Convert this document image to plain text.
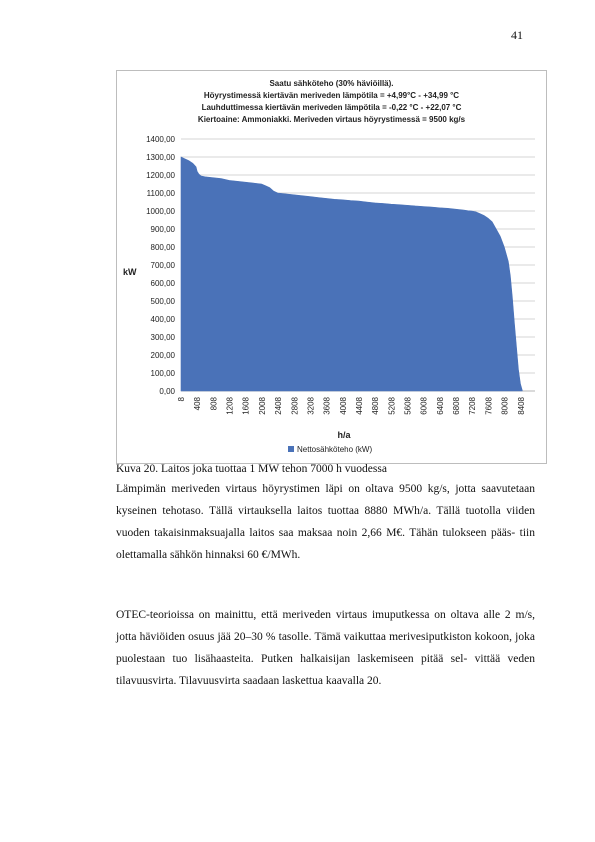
41
0,00
100,00
200,00
300,00
400,00
500,00
600,00
700,00
800,00
900,00
1000,00
1100,00
1200,00
1300,00
1400,00
8 408 808 1208 1608 2008 2408 2808 3208 3608 4008 4408 4808 5208 5608 6008 6408 6808 7208 7608 8008 8408
kW
h/a
Nettosähköteho (kW)
Saatu sähköteho (30% häviöillä).
Höyrystimessä kiertävän meriveden lämpötila = +4,99°C - +34,99 °C
Lauhduttimessa kiertävän meriveden lämpötila = -0,22 °C - +22,07 °C
Kiertoaine: Ammoniakki. Meriveden virtaus höyrystimessä = 9500 kg/s
Kuva 20. Laitos joka tuottaa 1 MW tehon 7000 h vuodessa

Lämpimän meriveden virtaus höyrystimen läpi on oltava 9500 kg/s, jotta saavutetaan kyseinen tehotaso. Tällä virtauksella laitos tuottaa 8880 MWh/a. Tällä tuotolla viiden vuoden takaisinmaksuajalla laitos saa maksaa noin 2,66 M€. Tähän tulokseen pääs- tiin olettamalla sähkön hinnaksi 60 €/MWh.

OTEC-teorioissa on mainittu, että meriveden virtaus imuputkessa on oltava alle 2 m/s, jotta häviöiden osuus jää 20–30 % tasolle. Tämä vaikuttaa merivesiputkiston kokoon, joka puolestaan tuo lisähaasteita. Putken halkaisijan laskemiseen pitää sel- vittää veden tilavuusvirta. Tilavuusvirta saadaan laskettua kaavalla 20.
